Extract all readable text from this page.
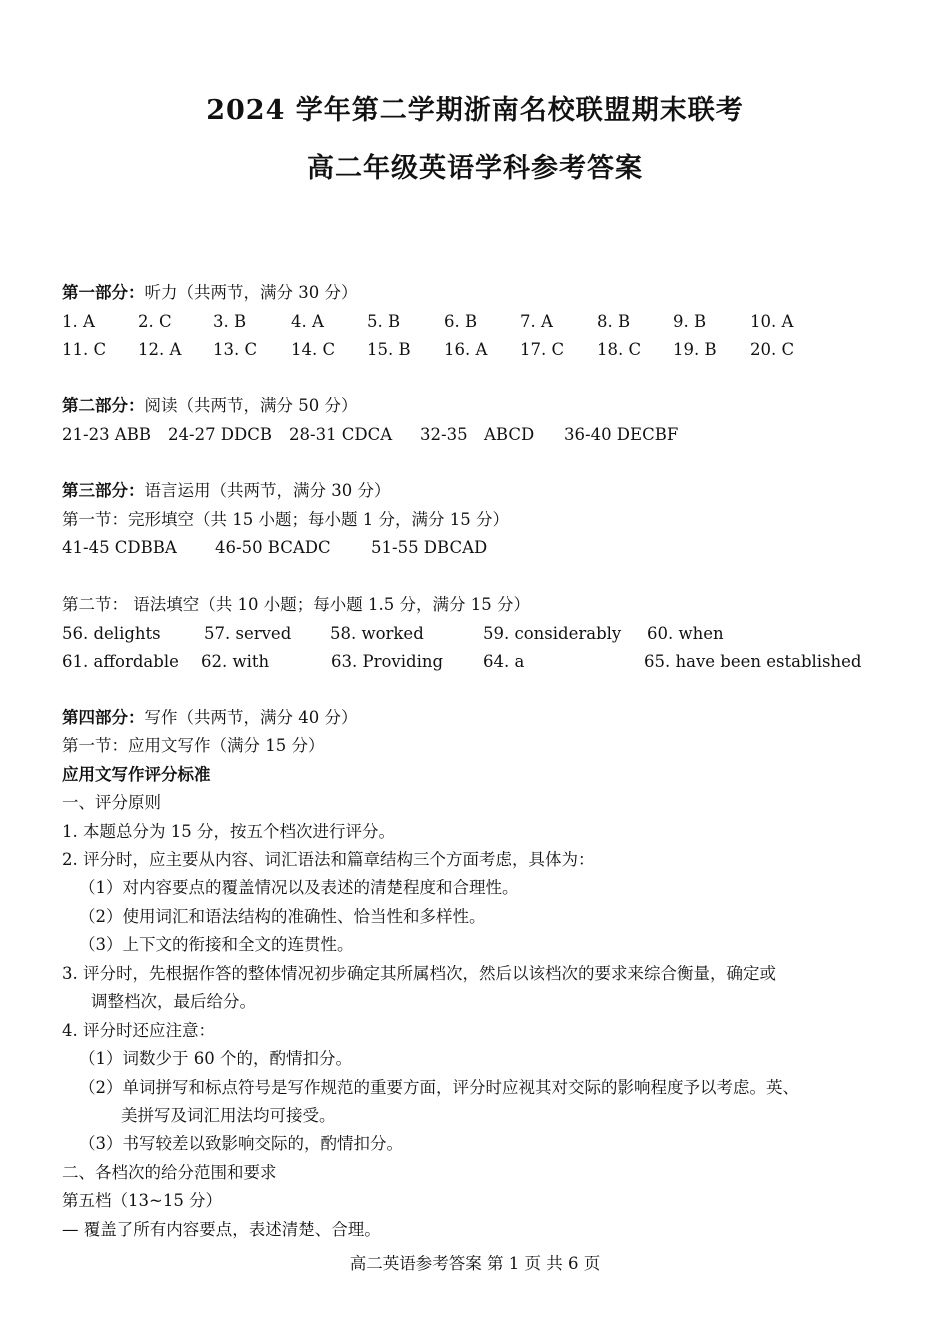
2024 学年第二学期浙南名校联盟期末联考
高二年级英语学科参考答案
第一部分：听力（共两节，满分 30 分）
1. A	2. C	3. B	4. A	5. B	6. B	7. A	8. B	9. B	10. A
11. C 12. A 13. C 14. C 15. B 16. A 17. C 18. C 19. B 20. C
第二部分：阅读（共两节，满分 50 分）
21-23 ABB 24-27 DDCB 28-31 CDCA 32-35 ABCD 36-40 DECBF
第三部分：语言运用（共两节，满分 30 分）
第一节：完形填空（共 15 小题；每小题 1 分，满分 15 分）
41-45 CDBBA 46-50 BCADC 51-55 DBCAD
第二节： 语法填空（共 10 小题；每小题 1.5 分，满分 15 分）
56. delights	57. served 58. worked	59. considerably 60. when
61. affordable 62. with	63. Providing 64. a	65. have been established
第四部分：写作（共两节，满分 40 分）
第一节：应用文写作（满分 15 分）
应用文写作评分标准
一、评分原则
1. 本题总分为 15 分，按五个档次进行评分。
2. 评分时，应主要从内容、词汇语法和篇章结构三个方面考虑，具体为：
（1）对内容要点的覆盖情况以及表述的清楚程度和合理性。
（2）使用词汇和语法结构的准确性、恰当性和多样性。
（3）上下文的衔接和全文的连贯性。
3. 评分时，先根据作答的整体情况初步确定其所属档次，然后以该档次的要求来综合衡量，确定或
调整档次，最后给分。
4. 评分时还应注意：
（1）词数少于 60 个的，酌情扣分。
（2）单词拼写和标点符号是写作规范的重要方面，评分时应视其对交际的影响程度予以考虑。英、
美拼写及词汇用法均可接受。
（3）书写较差以致影响交际的，酌情扣分。
二、各档次的给分范围和要求
第五档（13~15 分）
— 覆盖了所有内容要点，表述清楚、合理。
高二英语参考答案 第 1 页 共 6 页
